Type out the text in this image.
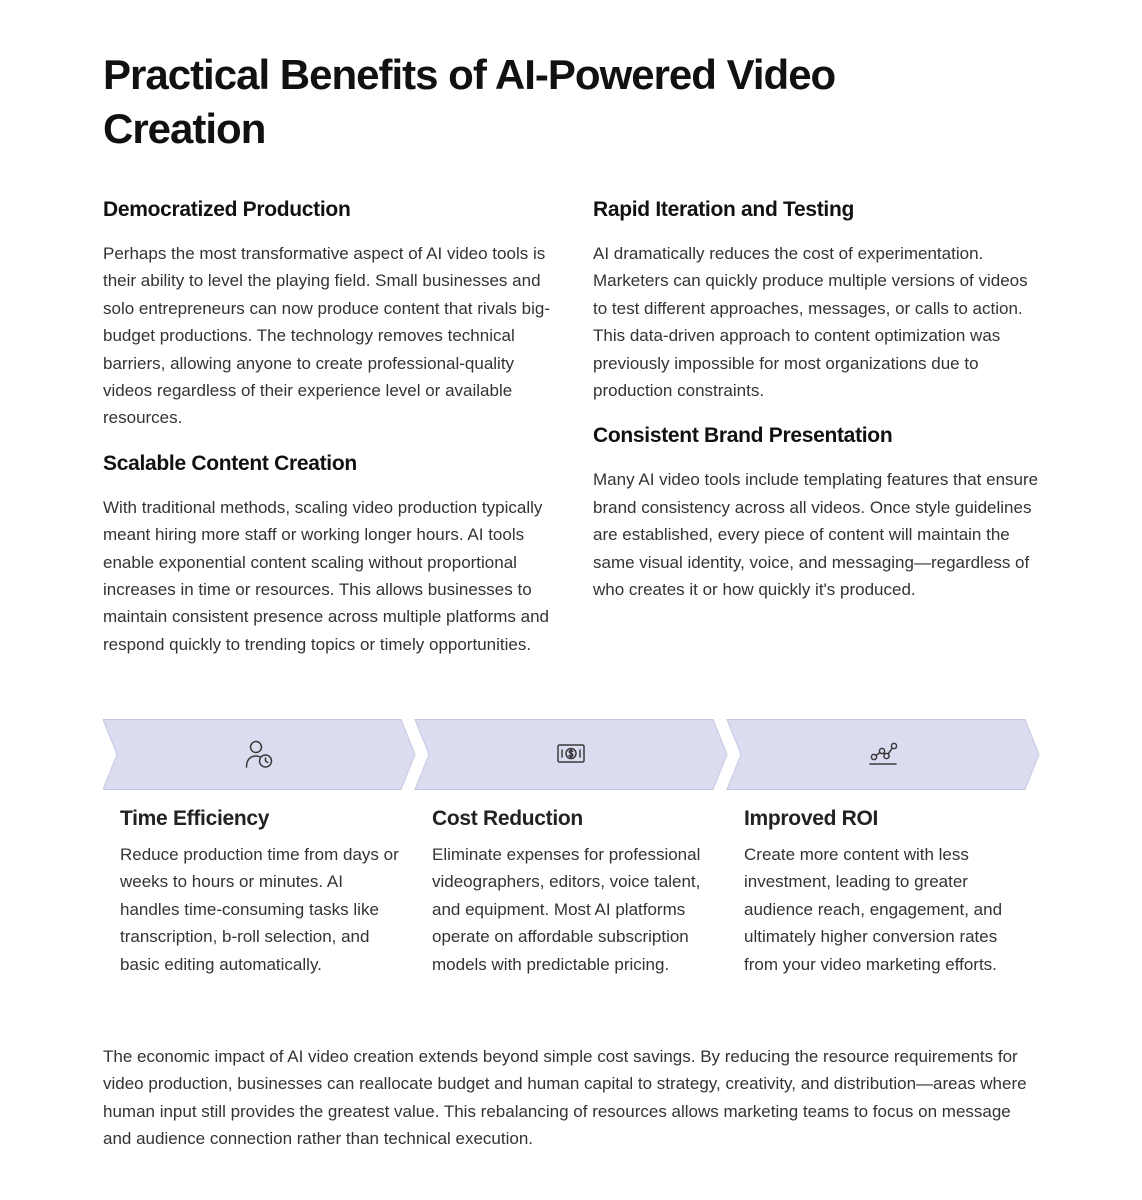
Practical Benefits of AI-Powered Video Creation
Democratized Production

Perhaps the most transformative aspect of AI video tools is their ability to level the playing field. Small businesses and solo entrepreneurs can now produce content that rivals big-budget productions. The technology removes technical barriers, allowing anyone to create professional-quality videos regardless of their experience level or available resources.

Scalable Content Creation

With traditional methods, scaling video production typically meant hiring more staff or working longer hours. AI tools enable exponential content scaling without proportional increases in time or resources. This allows businesses to maintain consistent presence across multiple platforms and respond quickly to trending topics or timely opportunities.

Rapid Iteration and Testing

AI dramatically reduces the cost of experimentation. Marketers can quickly produce multiple versions of videos to test different approaches, messages, or calls to action. This data-driven approach to content optimization was previously impossible for most organizations due to production constraints.

Consistent Brand Presentation

Many AI video tools include templating features that ensure brand consistency across all videos. Once style guidelines are established, every piece of content will maintain the same visual identity, voice, and messaging—regardless of who creates it or how quickly it's produced.

Time Efficiency

Reduce production time from days or weeks to hours or minutes. AI handles time-consuming tasks like transcription, b-roll selection, and basic editing automatically.

Cost Reduction

Eliminate expenses for professional videographers, editors, voice talent, and equipment. Most AI platforms operate on affordable subscription models with predictable pricing.

Improved ROI

Create more content with less investment, leading to greater audience reach, engagement, and ultimately higher conversion rates from your video marketing efforts.

The economic impact of AI video creation extends beyond simple cost savings. By reducing the resource requirements for video production, businesses can reallocate budget and human capital to strategy, creativity, and distribution—areas where human input still provides the greatest value. This rebalancing of resources allows marketing teams to focus on message and audience connection rather than technical execution.
